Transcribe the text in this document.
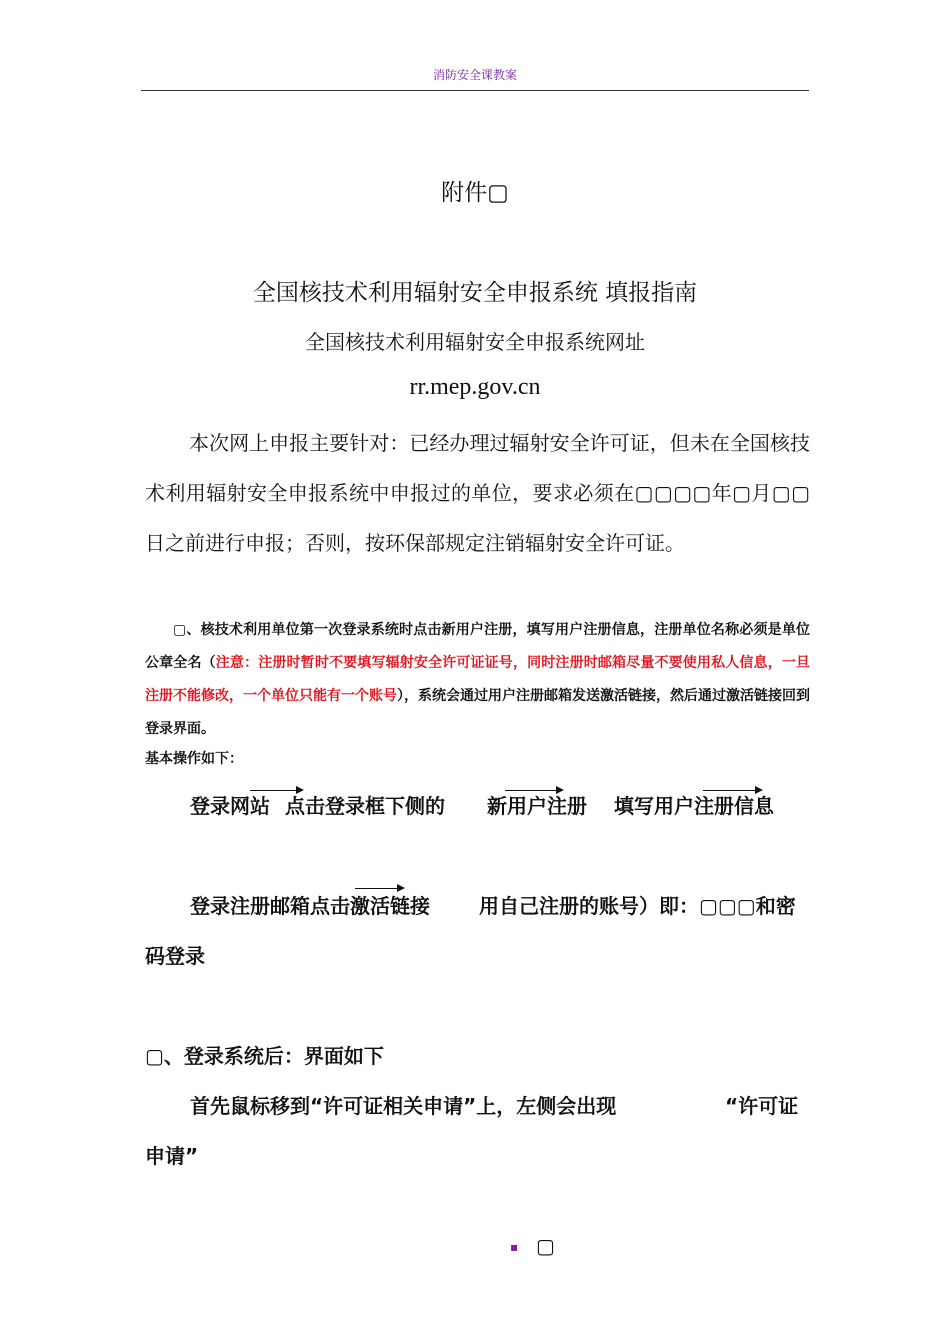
消防安全课教案
附件▢
全国核技术利用辐射安全申报系统 填报指南
全国核技术利用辐射安全申报系统网址
rr.mep.gov.cn

本次网上申报主要针对：已经办理过辐射安全许可证，但未在全国核技术利用辐射安全申报系统中申报过的单位，要求必须在▢▢▢▢年▢月▢▢日之前进行申报；否则，按环保部规定注销辐射安全许可证。

▢、核技术利用单位第一次登录系统时点击新用户注册，填写用户注册信息，注册单位名称必须是单位公章全名（注意：注册时暂时不要填写辐射安全许可证证号，同时注册时邮箱尽量不要使用私人信息，一旦注册不能修改，一个单位只能有一个账号），系统会通过用户注册邮箱发送激活链接，然后通过激活链接回到登录界面。

基本操作如下：
登录网站 点击登录框下侧的 新用户注册 填写用户注册信息
登录注册邮箱点击激活链接 用自己注册的账号）即：▢▢▢和密
码登录
▢、登录系统后：界面如下
首先鼠标移到“许可证相关申请”上，左侧会出现	“许可证
申请”
▪ ▢
